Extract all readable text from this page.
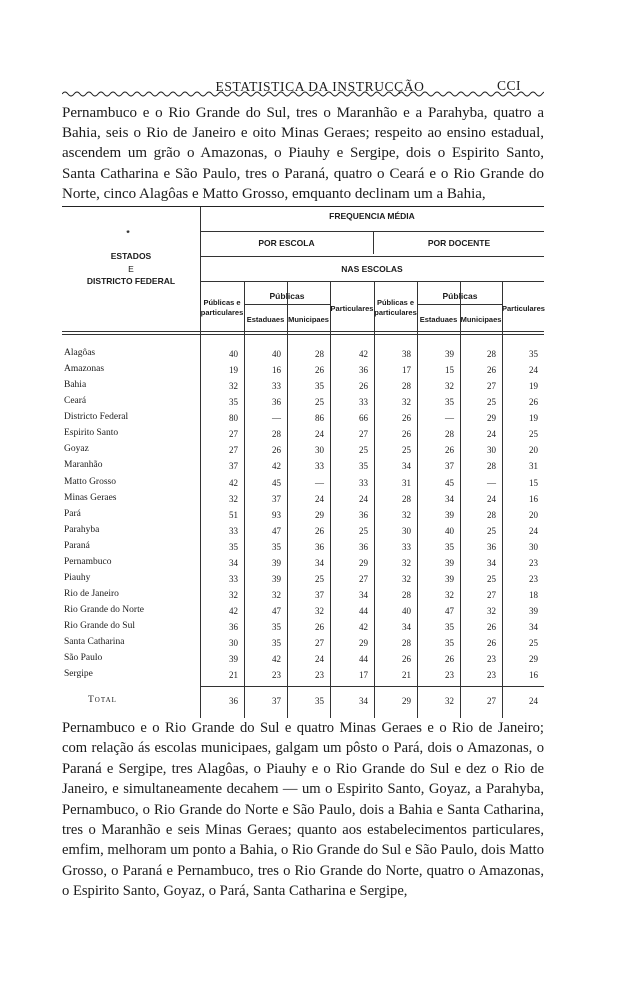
ESTATISTICA DA INSTRUCÇÃO	CCI

Pernambuco e o Rio Grande do Sul, tres o Maranhão e a Parahyba, quatro a Bahia, seis o Rio de Janeiro e oito Minas Geraes; respeito ao ensino estadual, ascendem um grão o Amazonas, o Piauhy e Sergipe, dois o Espirito Santo, Santa Catharina e São Paulo, tres o Paraná, quatro o Ceará e o Rio Grande do Norte, cinco Alagôas e Matto Grosso, emquanto declinam um a Bahia,

*
ESTADOS
E
DISTRICTO FEDERAL
FREQUENCIA MÉDIA
POR ESCOLA	POR DOCENTE
NAS ESCOLAS
Públicas	Públicas
Públicas e particulares
Estaduaes Municipaes
Particulares
Públicas e particulares
Estaduaes Municipaes
Particulares
Alagôas	40	40	28	42	38	39	28	35
Amazonas	19	16	26	36	17	15	26	24
Bahia	32	33	35	26	28	32	27	19
Ceará	35	36	25	33	32	35	25	26
Districto Federal	80	—	86	66	26	—	29	19
Espirito Santo	27	28	24	27	26	28	24	25
Goyaz	27	26	30	25	25	26	30	20
Maranhão	37	42	33	35	34	37	28	31
Matto Grosso	42	45	—	33	31	45	—	15
Minas Geraes	32	37	24	24	28	34	24	16
Pará	51	93	29	36	32	39	28	20
Parahyba	33	47	26	25	30	40	25	24
Paraná	35	35	36	36	33	35	36	30
Pernambuco	34	39	34	29	32	39	34	23
Piauhy	33	39	25	27	32	39	25	23
Rio de Janeiro	32	32	37	34	28	32	27	18
Rio Grande do Norte	42	47	32	44	40	47	32	39
Rio Grande do Sul	36	35	26	42	34	35	26	34
Santa Catharina	30	35	27	29	28	35	26	25
São Paulo	39	42	24	44	26	26	23	29
Sergipe	21	23	23	17	21	23	23	16
Total	36	37	35	34	29	32	27	24

Pernambuco e o Rio Grande do Sul e quatro Minas Geraes e o Rio de Janeiro; com relação ás escolas municipaes, galgam um pôsto o Pará, dois o Amazonas, o Paraná e Sergipe, tres Alagôas, o Piauhy e o Rio Grande do Sul e dez o Rio de Janeiro, e simultaneamente decahem — um o Espirito Santo, Goyaz, a Parahyba, Pernambuco, o Rio Grande do Norte e São Paulo, dois a Bahia e Santa Catharina, tres o Maranhão e seis Minas Geraes; quanto aos estabelecimentos particulares, emfim, melhoram um ponto a Bahia, o Rio Grande do Sul e São Paulo, dois Matto Grosso, o Paraná e Pernambuco, tres o Rio Grande do Norte, quatro o Amazonas, o Espirito Santo, Goyaz, o Pará, Santa Catharina e Sergipe,
